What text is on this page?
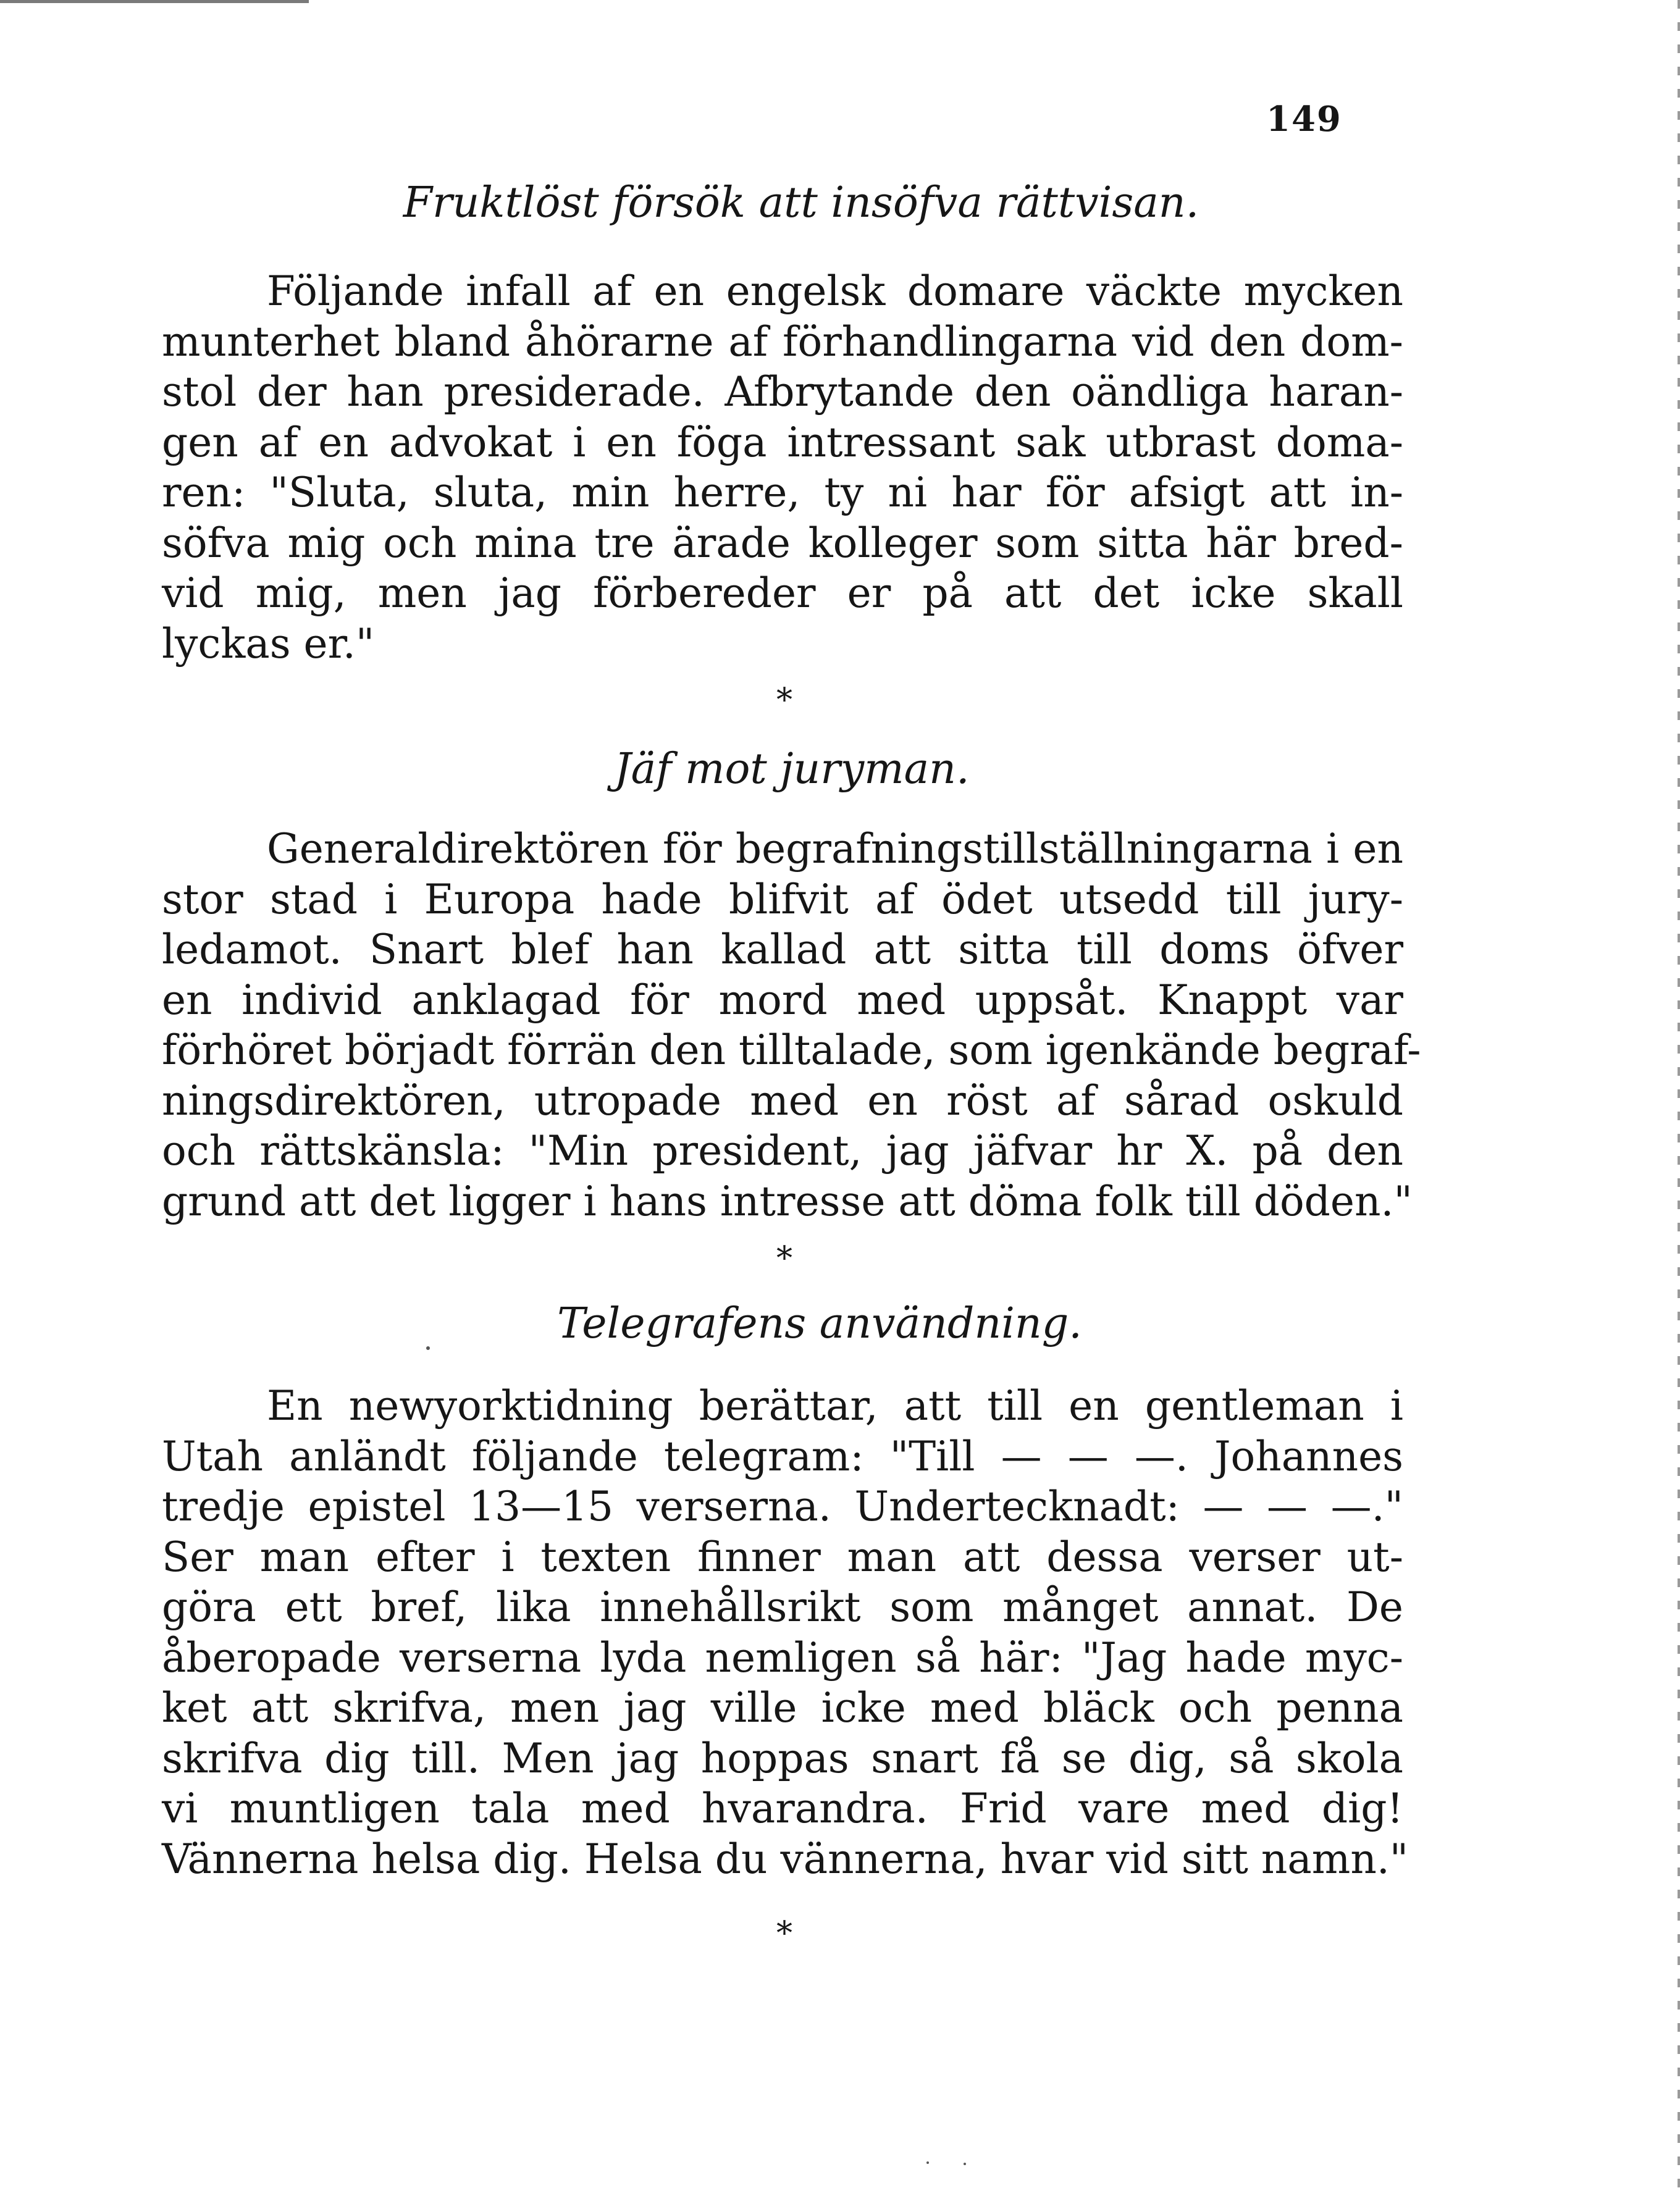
149
Fruktlöst försök att insöfva rättvisan.
Följande infall af en engelsk domare väckte mycken
munterhet bland åhörarne af förhandlingarna vid den dom-
stol der han presiderade. Afbrytande den oändliga haran-
gen af en advokat i en föga intressant sak utbrast doma-
ren: "Sluta, sluta, min herre, ty ni har för afsigt att in-
söfva mig och mina tre ärade kolleger som sitta här bred-
vid mig, men jag förbereder er på att det icke skall
lyckas er."
*
Jäf mot juryman.
Generaldirektören för begrafningstillställningarna i en
stor stad i Europa hade blifvit af ödet utsedd till jury-
ledamot. Snart blef han kallad att sitta till doms öfver
en individ anklagad för mord med uppsåt. Knappt var
förhöret börjadt förrän den tilltalade, som igenkände begraf-
ningsdirektören, utropade med en röst af sårad oskuld
och rättskänsla: "Min president, jag jäfvar hr X. på den
grund att det ligger i hans intresse att döma folk till döden."
*
Telegrafens användning.
En newyorktidning berättar, att till en gentleman i
Utah anländt följande telegram: "Till — — —. Johannes
tredje epistel 13—15 verserna. Undertecknadt: — — —."
Ser man efter i texten finner man att dessa verser ut-
göra ett bref, lika innehållsrikt som månget annat. De
åberopade verserna lyda nemligen så här: "Jag hade myc-
ket att skrifva, men jag ville icke med bläck och penna
skrifva dig till. Men jag hoppas snart få se dig, så skola
vi muntligen tala med hvarandra. Frid vare med dig!
Vännerna helsa dig. Helsa du vännerna, hvar vid sitt namn."
*
